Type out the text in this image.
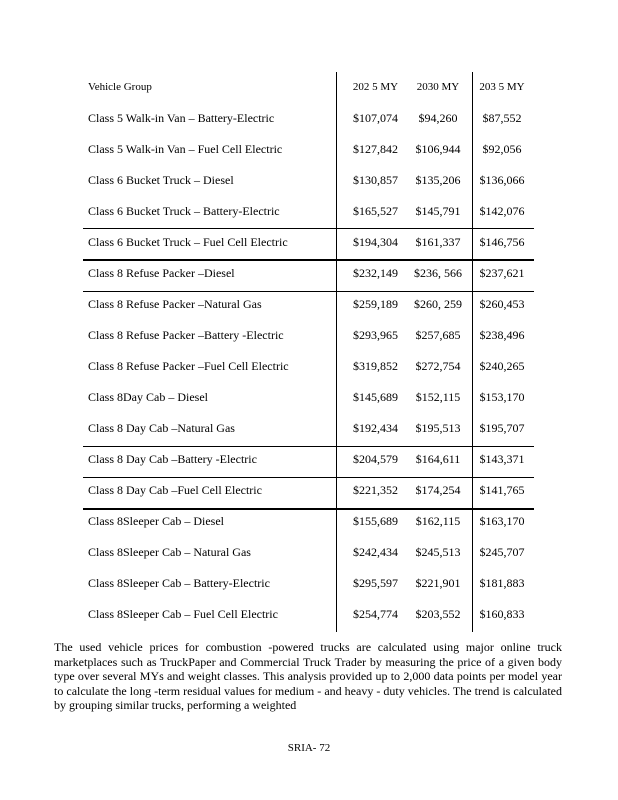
Vehicle Group	202 5 MY	2030 MY	203 5 MY
Class 5 Walk-in Van – Battery-Electric	$107,074	$94,260	$87,552
Class 5 Walk-in Van – Fuel Cell Electric	$127,842	$106,944	$92,056
Class 6 Bucket Truck – Diesel	$130,857	$135,206	$136,066
Class 6 Bucket Truck – Battery-Electric	$165,527	$145,791	$142,076
Class 6 Bucket Truck – Fuel Cell Electric	$194,304	$161,337	$146,756
Class 8 Refuse Packer –Diesel	$232,149	$236, 566	$237,621
Class 8 Refuse Packer –Natural Gas	$259,189	$260, 259	$260,453
Class 8 Refuse Packer –Battery -Electric	$293,965	$257,685	$238,496
Class 8 Refuse Packer –Fuel Cell Electric	$319,852	$272,754	$240,265
Class 8Day Cab – Diesel	$145,689	$152,115	$153,170
Class 8 Day Cab –Natural Gas	$192,434	$195,513	$195,707
Class 8 Day Cab –Battery -Electric	$204,579	$164,611	$143,371
Class 8 Day Cab –Fuel Cell Electric	$221,352	$174,254	$141,765
Class 8Sleeper Cab – Diesel	$155,689	$162,115	$163,170
Class 8Sleeper Cab – Natural Gas	$242,434	$245,513	$245,707
Class 8Sleeper Cab – Battery-Electric	$295,597	$221,901	$181,883
Class 8Sleeper Cab – Fuel Cell Electric	$254,774	$203,552	$160,833

The used vehicle prices for combustion -powered trucks are calculated using major online truck marketplaces such as TruckPaper and Commercial Truck Trader by measuring the price of a given body type over several MYs and weight classes. This analysis provided up to 2,000 data points per model year to calculate the long -term residual values for medium - and heavy - duty vehicles. The trend is calculated by grouping similar trucks, performing a weighted

SRIA- 72
